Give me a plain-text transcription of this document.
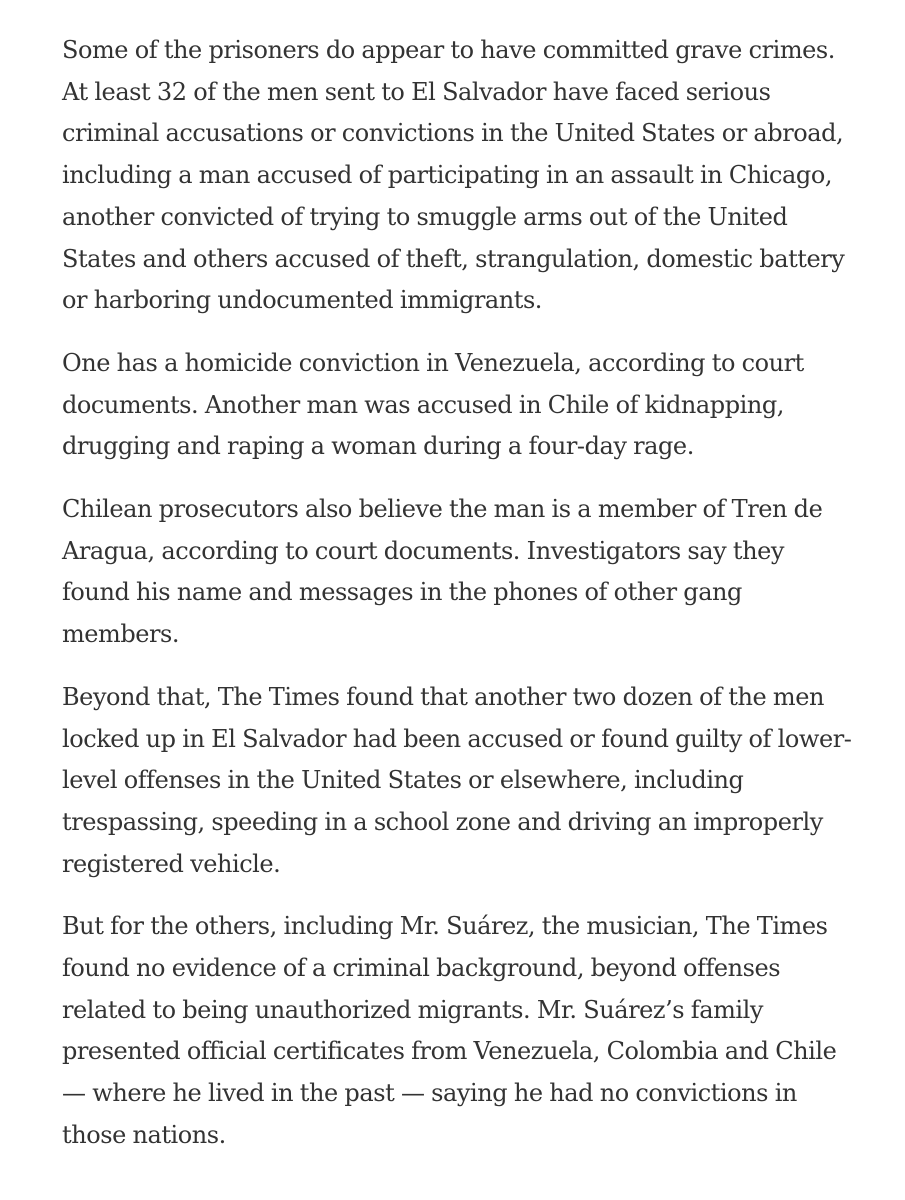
Some of the prisoners do appear to have committed grave crimes.
At least 32 of the men sent to El Salvador have faced serious
criminal accusations or convictions in the United States or abroad,
including a man accused of participating in an assault in Chicago,
another convicted of trying to smuggle arms out of the United
States and others accused of theft, strangulation, domestic battery
or harboring undocumented immigrants.

One has a homicide conviction in Venezuela, according to court
documents. Another man was accused in Chile of kidnapping,
drugging and raping a woman during a four-day rage.

Chilean prosecutors also believe the man is a member of Tren de
Aragua, according to court documents. Investigators say they
found his name and messages in the phones of other gang
members.

Beyond that, The Times found that another two dozen of the men
locked up in El Salvador had been accused or found guilty of lower-
level offenses in the United States or elsewhere, including
trespassing, speeding in a school zone and driving an improperly
registered vehicle.

But for the others, including Mr. Suárez, the musician, The Times
found no evidence of a criminal background, beyond offenses
related to being unauthorized migrants. Mr. Suárez’s family
presented official certificates from Venezuela, Colombia and Chile
— where he lived in the past — saying he had no convictions in
those nations.
